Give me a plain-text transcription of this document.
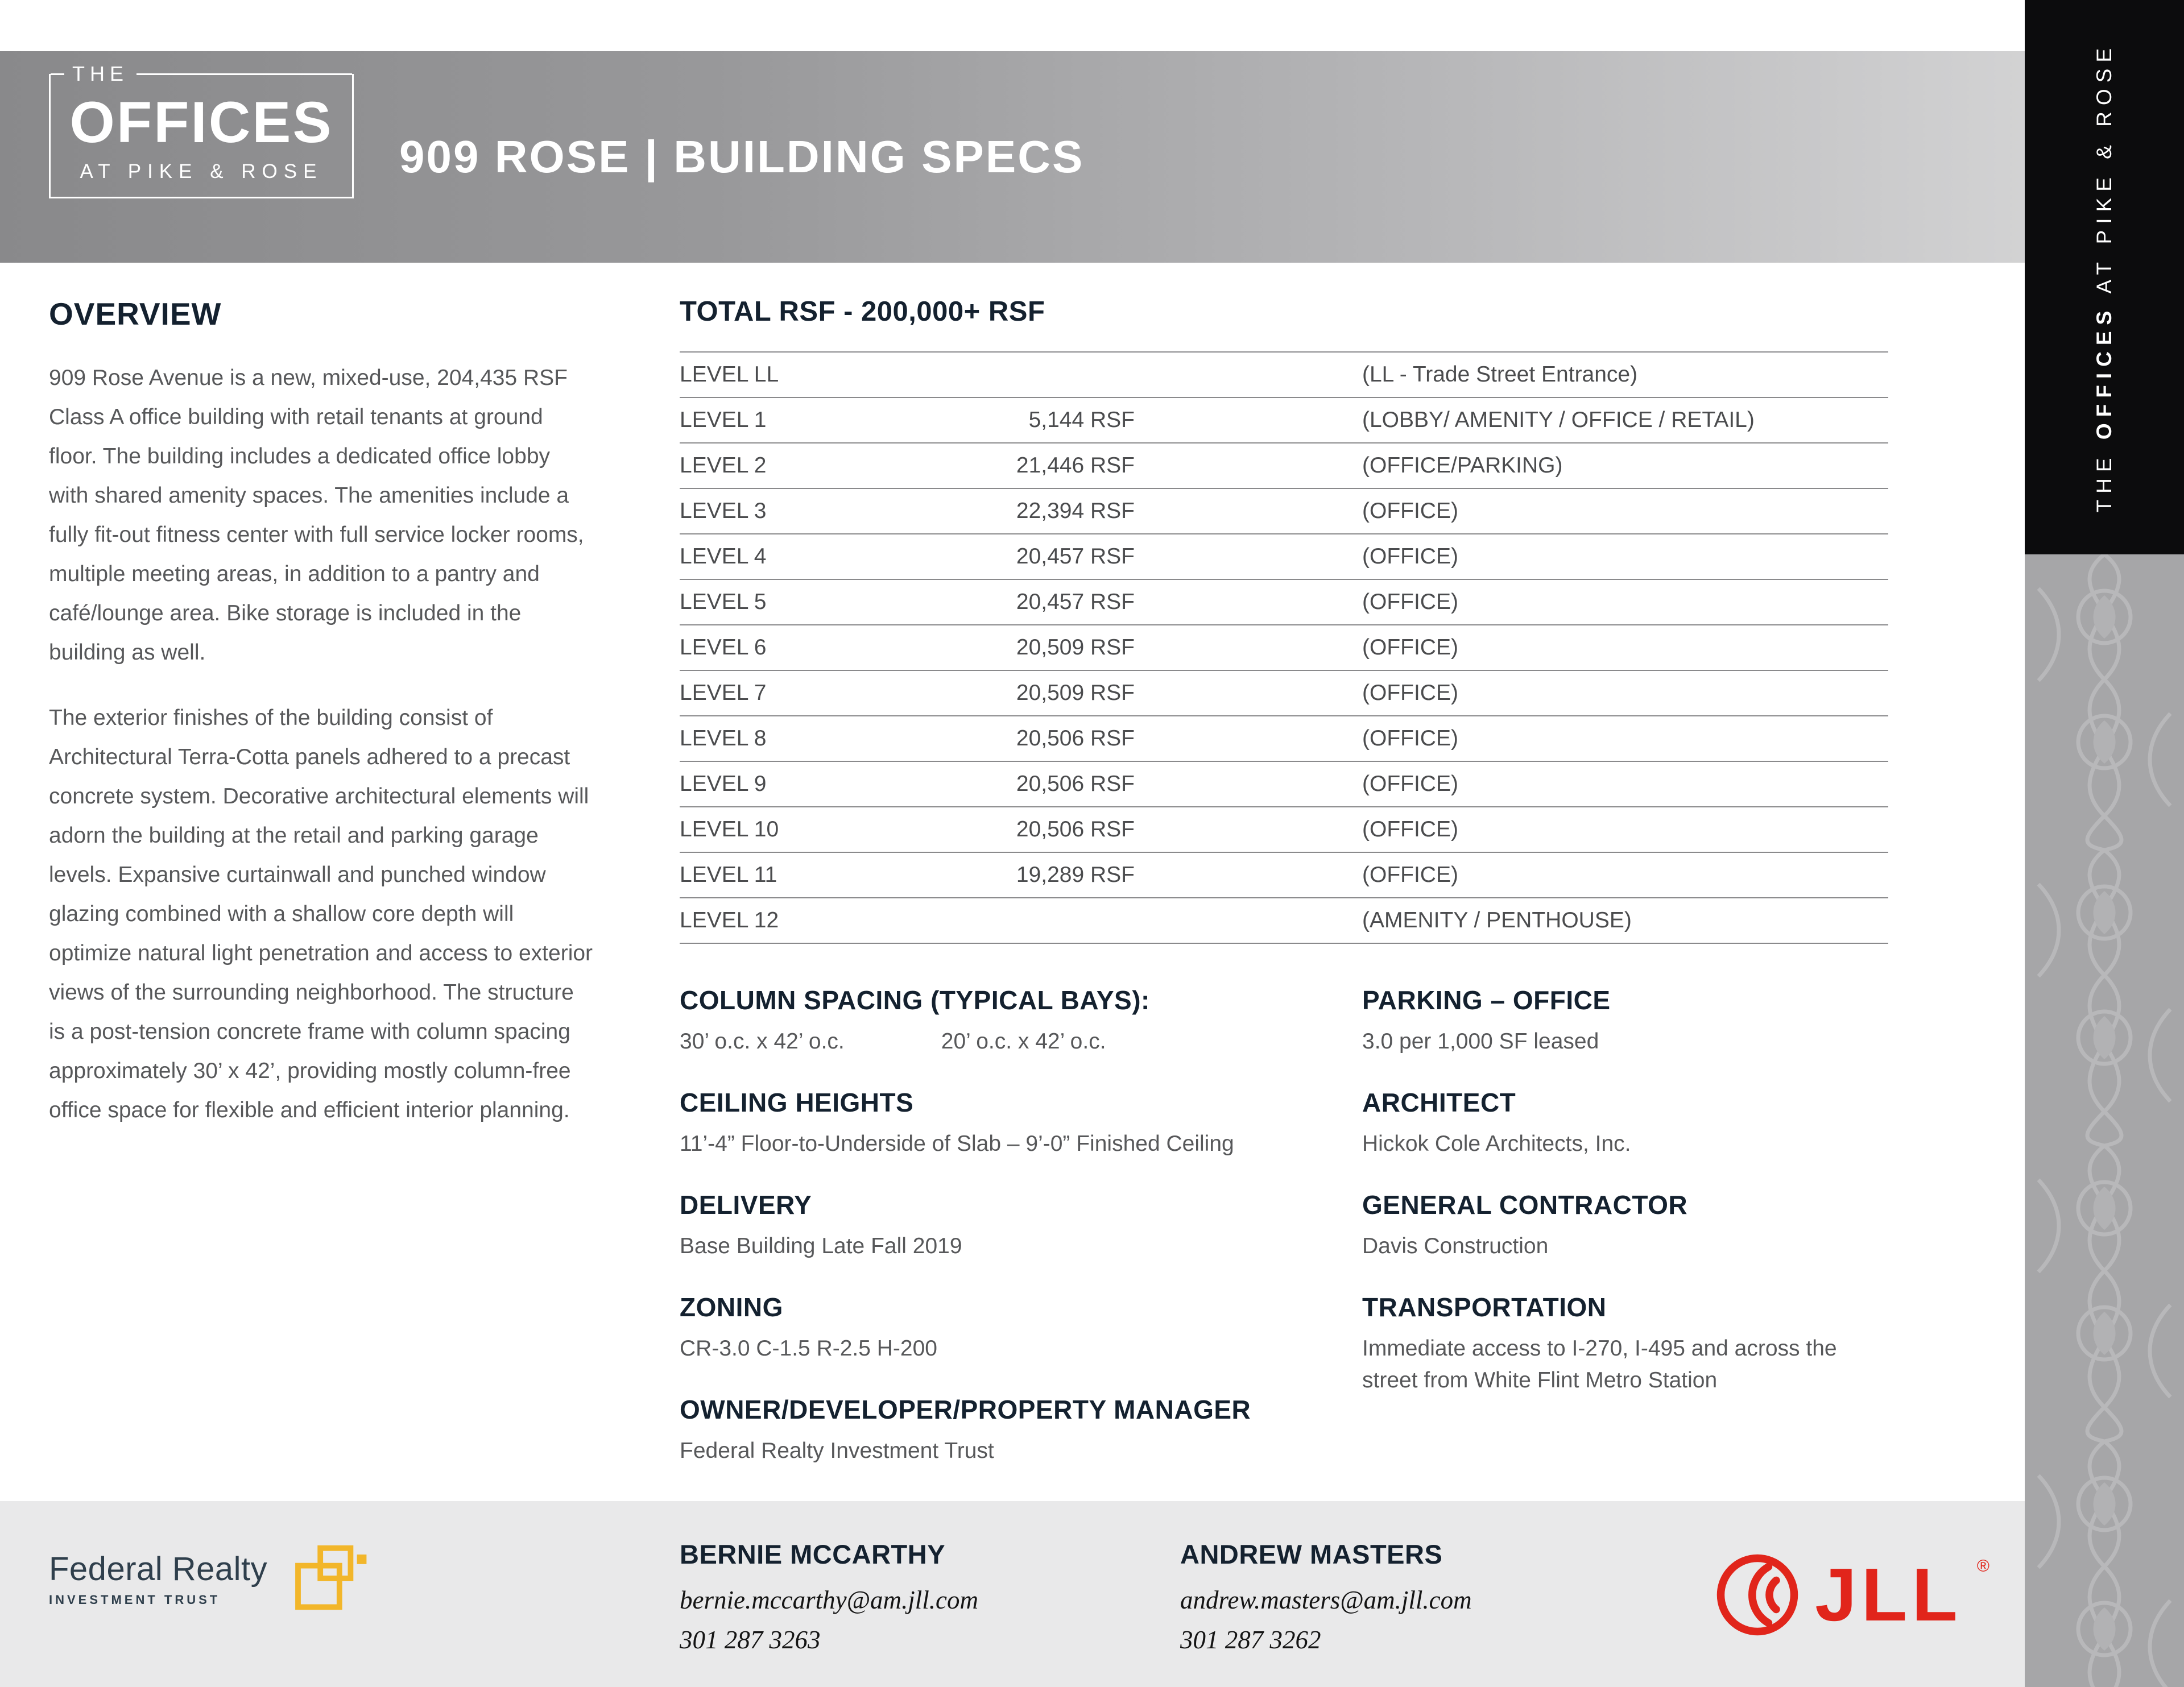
THE
OFFICES
AT PIKE & ROSE	909 ROSE | BUILDING SPECS
THE OFFICES AT PIKE & ROSE
OVERVIEW

909 Rose Avenue is a new, mixed-use, 204,435 RSF Class A office building with retail tenants at ground floor. The building includes a dedicated office lobby with shared amenity spaces. The amenities include a fully fit-out fitness center with full service locker rooms, multiple meeting areas, in addition to a pantry and café/lounge area. Bike storage is included in the building as well.

The exterior finishes of the building consist of Architectural Terra-Cotta panels adhered to a precast concrete system. Decorative architectural elements will adorn the building at the retail and parking garage levels. Expansive curtainwall and punched window glazing combined with a shallow core depth will optimize natural light penetration and access to exterior views of the surrounding neighborhood. The structure is a post-tension concrete frame with column spacing approximately 30’ x 42’, providing mostly column-free office space for flexible and efficient interior planning.

TOTAL RSF - 200,000+ RSF
LEVEL LL	(LL - Trade Street Entrance)
LEVEL 1	5,144 RSF	(LOBBY/ AMENITY / OFFICE / RETAIL)
LEVEL 2	21,446 RSF	(OFFICE/PARKING)
LEVEL 3	22,394 RSF	(OFFICE)
LEVEL 4	20,457 RSF	(OFFICE)
LEVEL 5	20,457 RSF	(OFFICE)
LEVEL 6	20,509 RSF	(OFFICE)
LEVEL 7	20,509 RSF	(OFFICE)
LEVEL 8	20,506 RSF	(OFFICE)
LEVEL 9	20,506 RSF	(OFFICE)
LEVEL 10	20,506 RSF	(OFFICE)
LEVEL 11	19,289 RSF	(OFFICE)
LEVEL 12	(AMENITY / PENTHOUSE)
COLUMN SPACING (TYPICAL BAYS):
30’ o.c. x 42’ o.c.	20’ o.c. x 42’ o.c.
CEILING HEIGHTS

11’-4” Floor-to-Underside of Slab – 9’-0” Finished Ceiling

DELIVERY

Base Building Late Fall 2019

ZONING

CR-3.0 C-1.5 R-2.5 H-200

OWNER/DEVELOPER/PROPERTY MANAGER

Federal Realty Investment Trust

PARKING – OFFICE

3.0 per 1,000 SF leased

ARCHITECT

Hickok Cole Architects, Inc.

GENERAL CONTRACTOR

Davis Construction

TRANSPORTATION

Immediate access to I-270, I-495 and across the street from White Flint Metro Station

Federal Realty
INVESTMENT TRUST
BERNIE MCCARTHY
bernie.mccarthy@am.jll.com
301 287 3263
ANDREW MASTERS
andrew.masters@am.jll.com
301 287 3262
JLL ®
